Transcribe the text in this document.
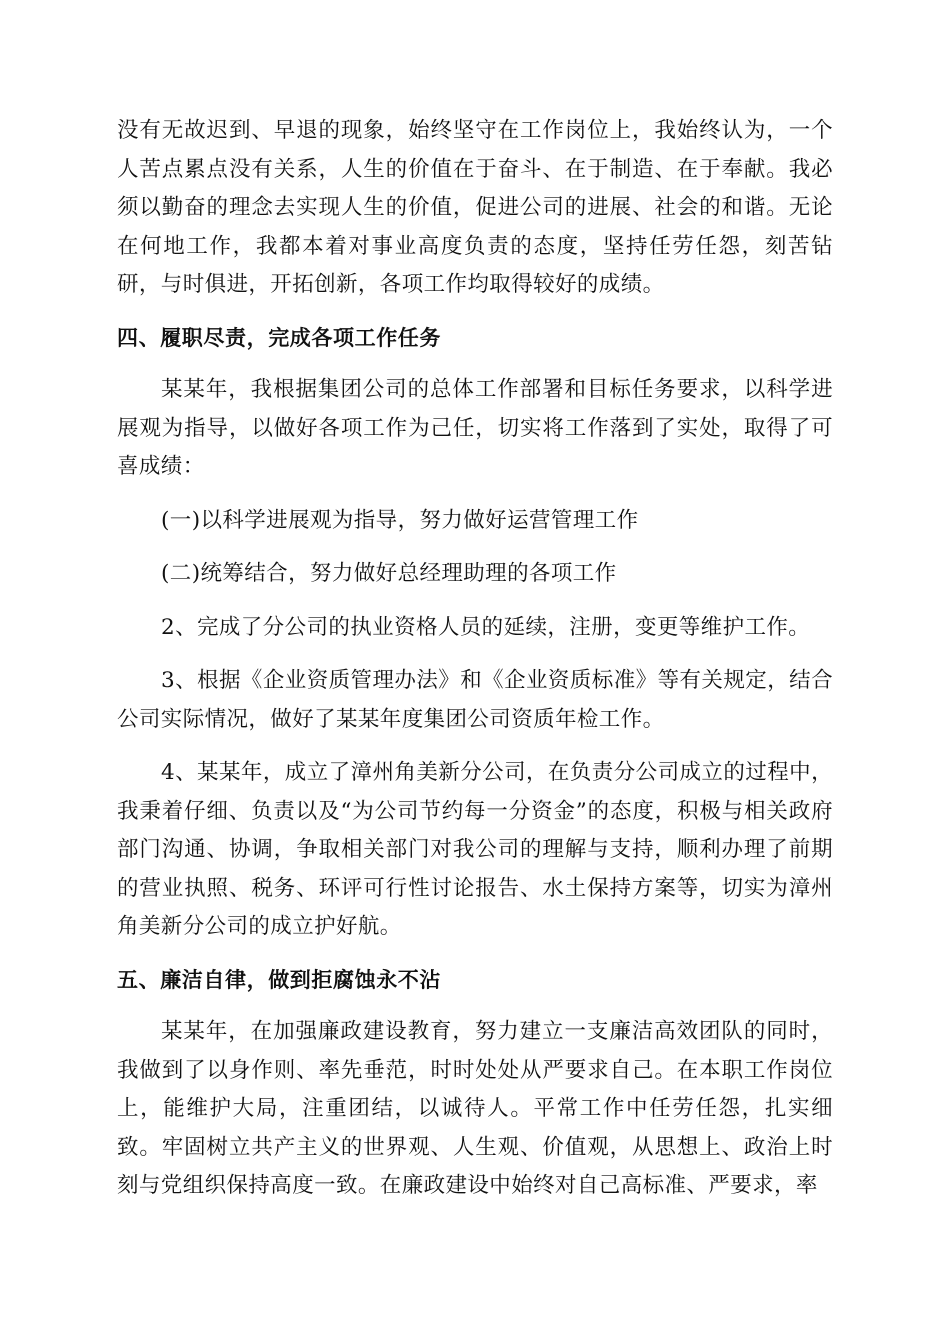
没有无故迟到、早退的现象，始终坚守在工作岗位上，我始终认为，一个人苦点累点没有关系，人生的价值在于奋斗、在于制造、在于奉献。我必须以勤奋的理念去实现人生的价值，促进公司的进展、社会的和谐。无论在何地工作，我都本着对事业高度负责的态度，坚持任劳任怨，刻苦钻研，与时俱进，开拓创新，各项工作均取得较好的成绩。

四、履职尽责，完成各项工作任务

某某年，我根据集团公司的总体工作部署和目标任务要求，以科学进展观为指导，以做好各项工作为己任，切实将工作落到了实处，取得了可喜成绩：

(一)以科学进展观为指导，努力做好运营管理工作

(二)统筹结合，努力做好总经理助理的各项工作

2、完成了分公司的执业资格人员的延续，注册，变更等维护工作。

3、根据《企业资质管理办法》和《企业资质标准》等有关规定，结合公司实际情况，做好了某某年度集团公司资质年检工作。

4、某某年，成立了漳州角美新分公司，在负责分公司成立的过程中，我秉着仔细、负责以及“为公司节约每一分资金”的态度，积极与相关政府部门沟通、协调，争取相关部门对我公司的理解与支持，顺利办理了前期的营业执照、税务、环评可行性讨论报告、水土保持方案等，切实为漳州角美新分公司的成立护好航。

五、廉洁自律，做到拒腐蚀永不沾

某某年，在加强廉政建设教育，努力建立一支廉洁高效团队的同时，我做到了以身作则、率先垂范，时时处处从严要求自己。在本职工作岗位上，能维护大局，注重团结，以诚待人。平常工作中任劳任怨，扎实细致。牢固树立共产主义的世界观、人生观、价值观，从思想上、政治上时刻与党组织保持高度一致。在廉政建设中始终对自己高标准、严要求，率
